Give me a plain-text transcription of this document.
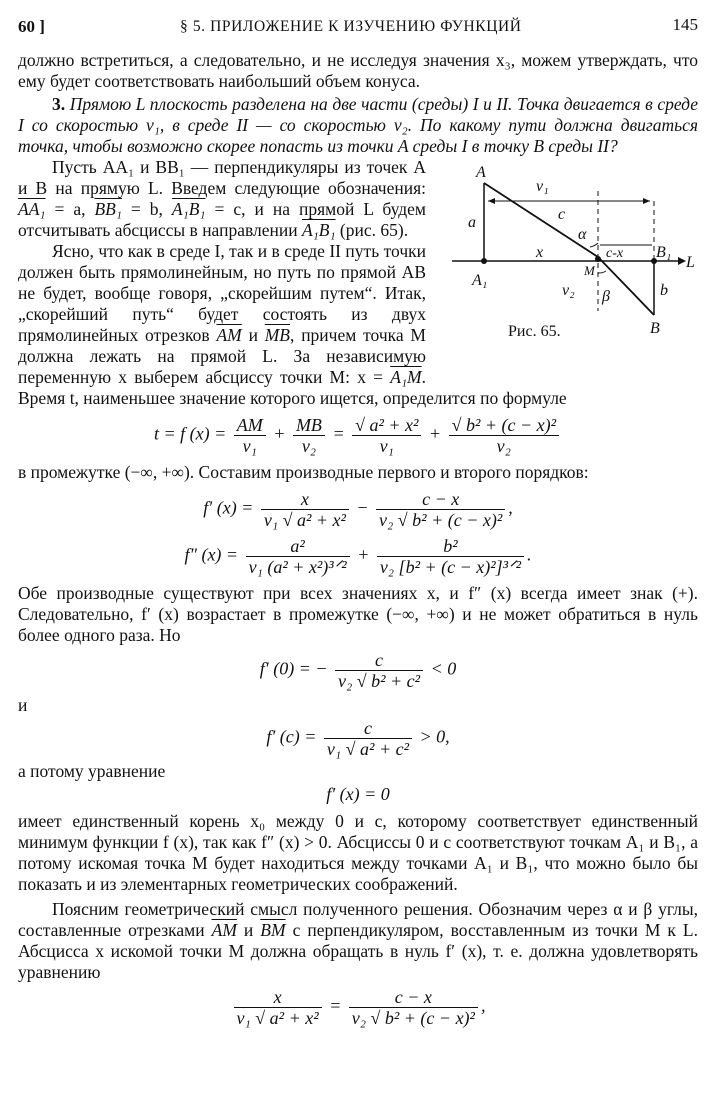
60 ]	§ 5. ПРИЛОЖЕНИЕ К ИЗУЧЕНИЮ ФУНКЦИЙ	145

должно встретиться, а следовательно, и не исследуя значения x₃, можем утверждать, что ему будет соответствовать наибольший объем конуса.

3. Прямою L плоскость разделена на две части (среды) I и II. Точка двигается в среде I со скоростью v₁, в среде II — со скоростью v₂. По какому пути должна двигаться точка, чтобы возможно скорее попасть из точки A среды I в точку B среды II?

A
A₁
a
v₁
c
α
x	c-x B₁
L
M
v₂ β	b
B
Рис. 65.

Пусть AA₁ и BB₁ — перпендикуляры из точек A и B на прямую L. Введем следующие обозначения: AA₁ = a, BB₁ = b, A₁B₁ = c, и на прямой L будем отсчитывать абсциссы в направлении A₁B₁ (рис. 65).

Ясно, что как в среде I, так и в среде II путь точки должен быть прямолинейным, но путь по прямой AB не будет, вообще говоря, „скорейшим путем“. Итак, „скорейший путь“ будет состоять из двух прямолинейных отрезков $\overline{AM}$ и $\overline{MB}$, причем точка M должна лежать на прямой L. За независимую переменную x выберем абсциссу точки M: x = A₁M. Время t, наименьшее значение которого ищется, определится по формуле

t = f $(x) = \frac{AM}{\text{v₁}} + \frac{MB}{\text{v₂}} = \frac{\text{√ a² + x²}}{\text{v₁}} + \frac{\text{√ b² + (c − x)²}}{\text{v₂}}$

в промежутке (−∞, +∞). Составим производные первого и второго порядков:

f′ $(x) = \frac{x}{\text{v₁ √ a² + x²}} - \frac{c - x}{\text{v₂ √ b² + (c − x)²}}$ ,
f″ $(x) = \frac{\text{a²}}{\text{v₁ (a² + x²)³ᐟ²}} + \frac{\text{b²}}{\text{v₂ [b² + (c − x)²]³ᐟ²}}$ .

Обе производные существуют при всех значениях x, и f″ (x) всегда имеет знак (+). Следовательно, f′ (x) возрастает в промежутке (−∞, +∞) и не может обратиться в нуль более одного раза. Но

f′ (0) = − $\frac{c}{\text{v₂ √ b² + c²}} < 0$

и

f′ $(c) = \frac{c}{\text{v₁ √ a² + c²}} > 0$,

а потому уравнение

f′ (x) = 0

имеет единственный корень x₀ между 0 и c, которому соответствует единственный минимум функции f (x), так как f″ (x) > 0. Абсциссы 0 и c соответствуют точкам A₁ и B₁, а потому искомая точка M будет находиться между точками A₁ и B₁, что можно было бы показать и из элементарных геометрических соображений.

Поясним геометрический смысл полученного решения. Обозначим через α и β углы, составленные отрезками $\overline{AM}$ и $\overline{BM}$ с перпендикуляром, восставленным из точки M к L. Абсцисса x искомой точки M должна обращать в нуль f′ (x), т. е. должна удовлетворять уравнению

$\frac{x}{\text{v₁ √ a² + x²}} = \frac{c - x}{\text{v₂ √ b² + (c − x)²}}$ ,
